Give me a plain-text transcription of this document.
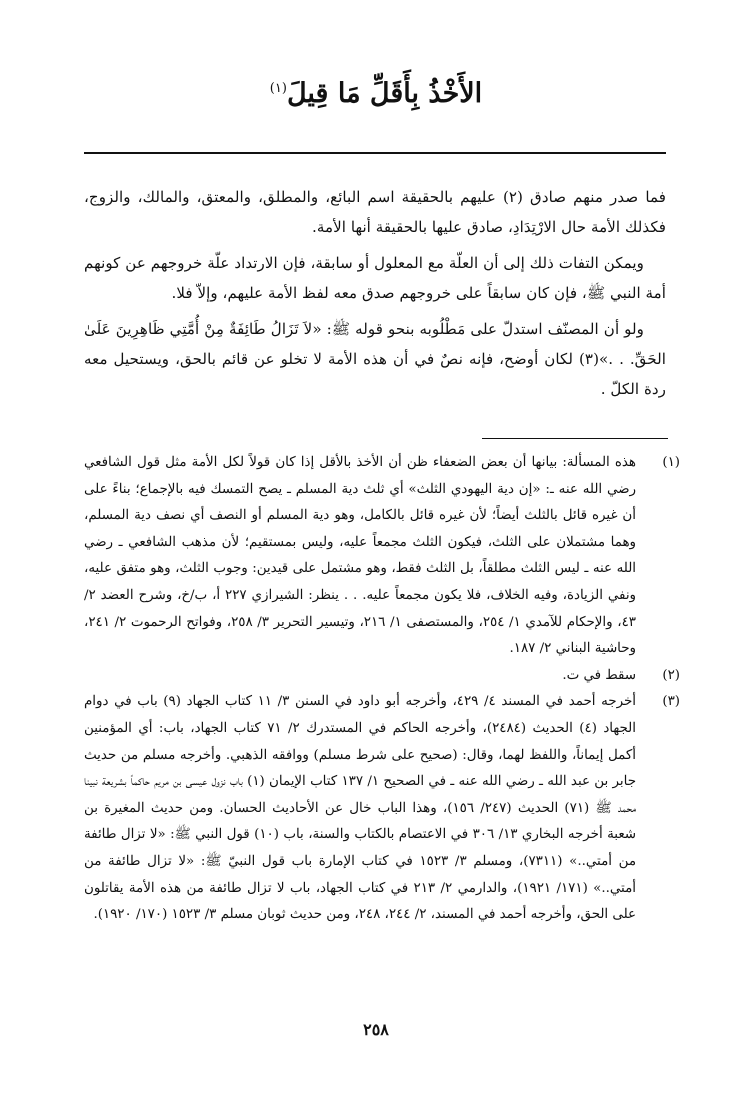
الأَخْذُ بِأَقَلِّ مَا قِيلَ$^{(١)}$

فما صدر منهم صادق (٢) عليهم بالحقيقة اسم البائع، والمطلق، والمعتق، والمالك، والزوج، فكذلك الأمة حال الارْتِدَادِ، صادق عليها بالحقيقة أنها الأمة.

ويمكن التفات ذلك إلى أن العلّة مع المعلول أو سابقة، فإن الارتداد علّة خروجهم عن كونهم أمة النبي ﷺ، فإن كان سابقاً على خروجهم صدق معه لفظ الأمة عليهم، وإلاّ فلا.

ولو أن المصنّف استدلّ على مَطْلُوبه بنحو قوله ﷺ: «لاَ تَزَالُ طَائِفَةٌ مِنْ أُمَّتِي ظَاهِرِينَ عَلَىٰ الحَقِّ. . .»(٣) لكان أوضح، فإنه نصٌ في أن هذه الأمة لا تخلو عن قائم بالحق، ويستحيل معه ردة الكلّ .

(١)
هذه المسألة: بيانها أن بعض الضعفاء ظن أن الأخذ بالأقل إذا كان قولاً لكل الأمة مثل قول الشافعي رضي الله عنه ـ: «إن دية اليهودي الثلث» أي ثلث دية المسلم ـ يصح التمسك فيه بالإجماع؛ بناءً على أن غيره قائل بالثلث أيضاً؛ لأن غيره قائل بالكامل، وهو دية المسلم أو النصف أي نصف دية المسلم، وهما مشتملان على الثلث، فيكون الثلث مجمعاً عليه، وليس بمستقيم؛ لأن مذهب الشافعي ـ رضي الله عنه ـ ليس الثلث مطلقاً، بل الثلث فقط، وهو مشتمل على قيدين: وجوب الثلث، وهو متفق عليه، ونفي الزيادة، وفيه الخلاف، فلا يكون مجمعاً عليه. . . ينظر: الشيرازي ٢٢٧ أ، ب/خ، وشرح العضد ٢/ ٤٣، والإحكام للآمدي ١/ ٢٥٤، والمستصفى ١/ ٢١٦، وتيسير التحرير ٣/ ٢٥٨، وفواتح الرحموت ٢/ ٢٤١، وحاشية البناني ٢/ ١٨٧.
(٢)
سقط في ت.
(٣)
أخرجه أحمد في المسند ٤/ ٤٢٩، وأخرجه أبو داود في السنن ٣/ ١١ كتاب الجهاد (٩) باب في دوام الجهاد (٤) الحديث (٢٤٨٤)، وأخرجه الحاكم في المستدرك ٢/ ٧١ كتاب الجهاد، باب: أي المؤمنين أكمل إيماناً، واللفظ لهما، وقال: (صحيح على شرط مسلم) ووافقه الذهبي. وأخرجه مسلم من حديث جابر بن عبد الله ـ رضي الله عنه ـ في الصحيح ١/ ١٣٧ كتاب الإيمان (١) باب نزول عيسى بن مريم حاكماً بشريعة نبينا محمد ﷺ (٧١) الحديث (٢٤٧/ ١٥٦)، وهذا الباب خال عن الأحاديث الحسان. ومن حديث المغيرة بن شعبة أخرجه البخاري ١٣/ ٣٠٦ في الاعتصام بالكتاب والسنة، باب (١٠) قول النبي ﷺ: «لا تزال طائفة من أمتي..» (٧٣١١)، ومسلم ٣/ ١٥٢٣ في كتاب الإمارة باب قول النبيّ ﷺ: «لا تزال طائفة من أمتي..» (١٧١/ ١٩٢١)، والدارمي ٢/ ٢١٣ في كتاب الجهاد، باب لا تزال طائفة من هذه الأمة يقاتلون على الحق، وأخرجه أحمد في المسند، ٢/ ٢٤٤، ٢٤٨، ومن حديث ثوبان مسلم ٣/ ١٥٢٣ (١٧٠/ ١٩٢٠).
٢٥٨
